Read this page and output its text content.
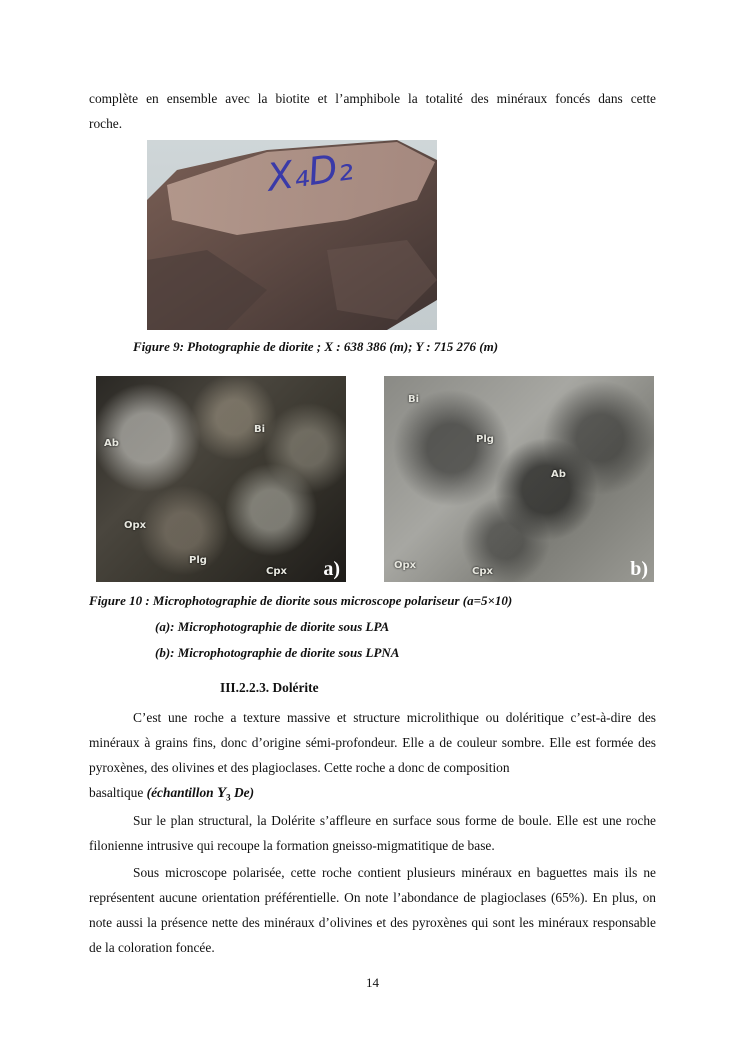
complète en ensemble avec la biotite et l’amphibole la totalité des minéraux foncés dans cette

roche.

X₄D₂

Figure 9: Photographie de diorite ; X : 638 386 (m); Y : 715 276 (m)

Ab
Bi
Opx
Plg
Cpx a)
Bi
Plg
Ab
Opx
Cpx	b)

Figure 10 : Microphotographie de diorite sous microscope polariseur (a=5×10)

(a): Microphotographie de diorite sous LPA

(b): Microphotographie de diorite sous LPNA

III.2.2.3. Dolérite

C’est une roche a texture massive et structure microlithique ou doléritique c’est-à-dire des minéraux à grains fins, donc d’origine sémi-profondeur. Elle a de couleur sombre. Elle est formée des pyroxènes, des olivines et des plagioclases. Cette roche a donc de composition

basaltique (échantillon $Y_3$ De)

Sur le plan structural, la Dolérite s’affleure en surface sous forme de boule. Elle est une roche filonienne intrusive qui recoupe la formation gneisso-migmatitique de base.

Sous microscope polarisée, cette roche contient plusieurs minéraux en baguettes mais ils ne représentent aucune orientation préférentielle. On note l’abondance de plagioclases (65%). En plus, on note aussi la présence nette des minéraux d’olivines et des pyroxènes qui sont les minéraux responsable de la coloration foncée.

14
